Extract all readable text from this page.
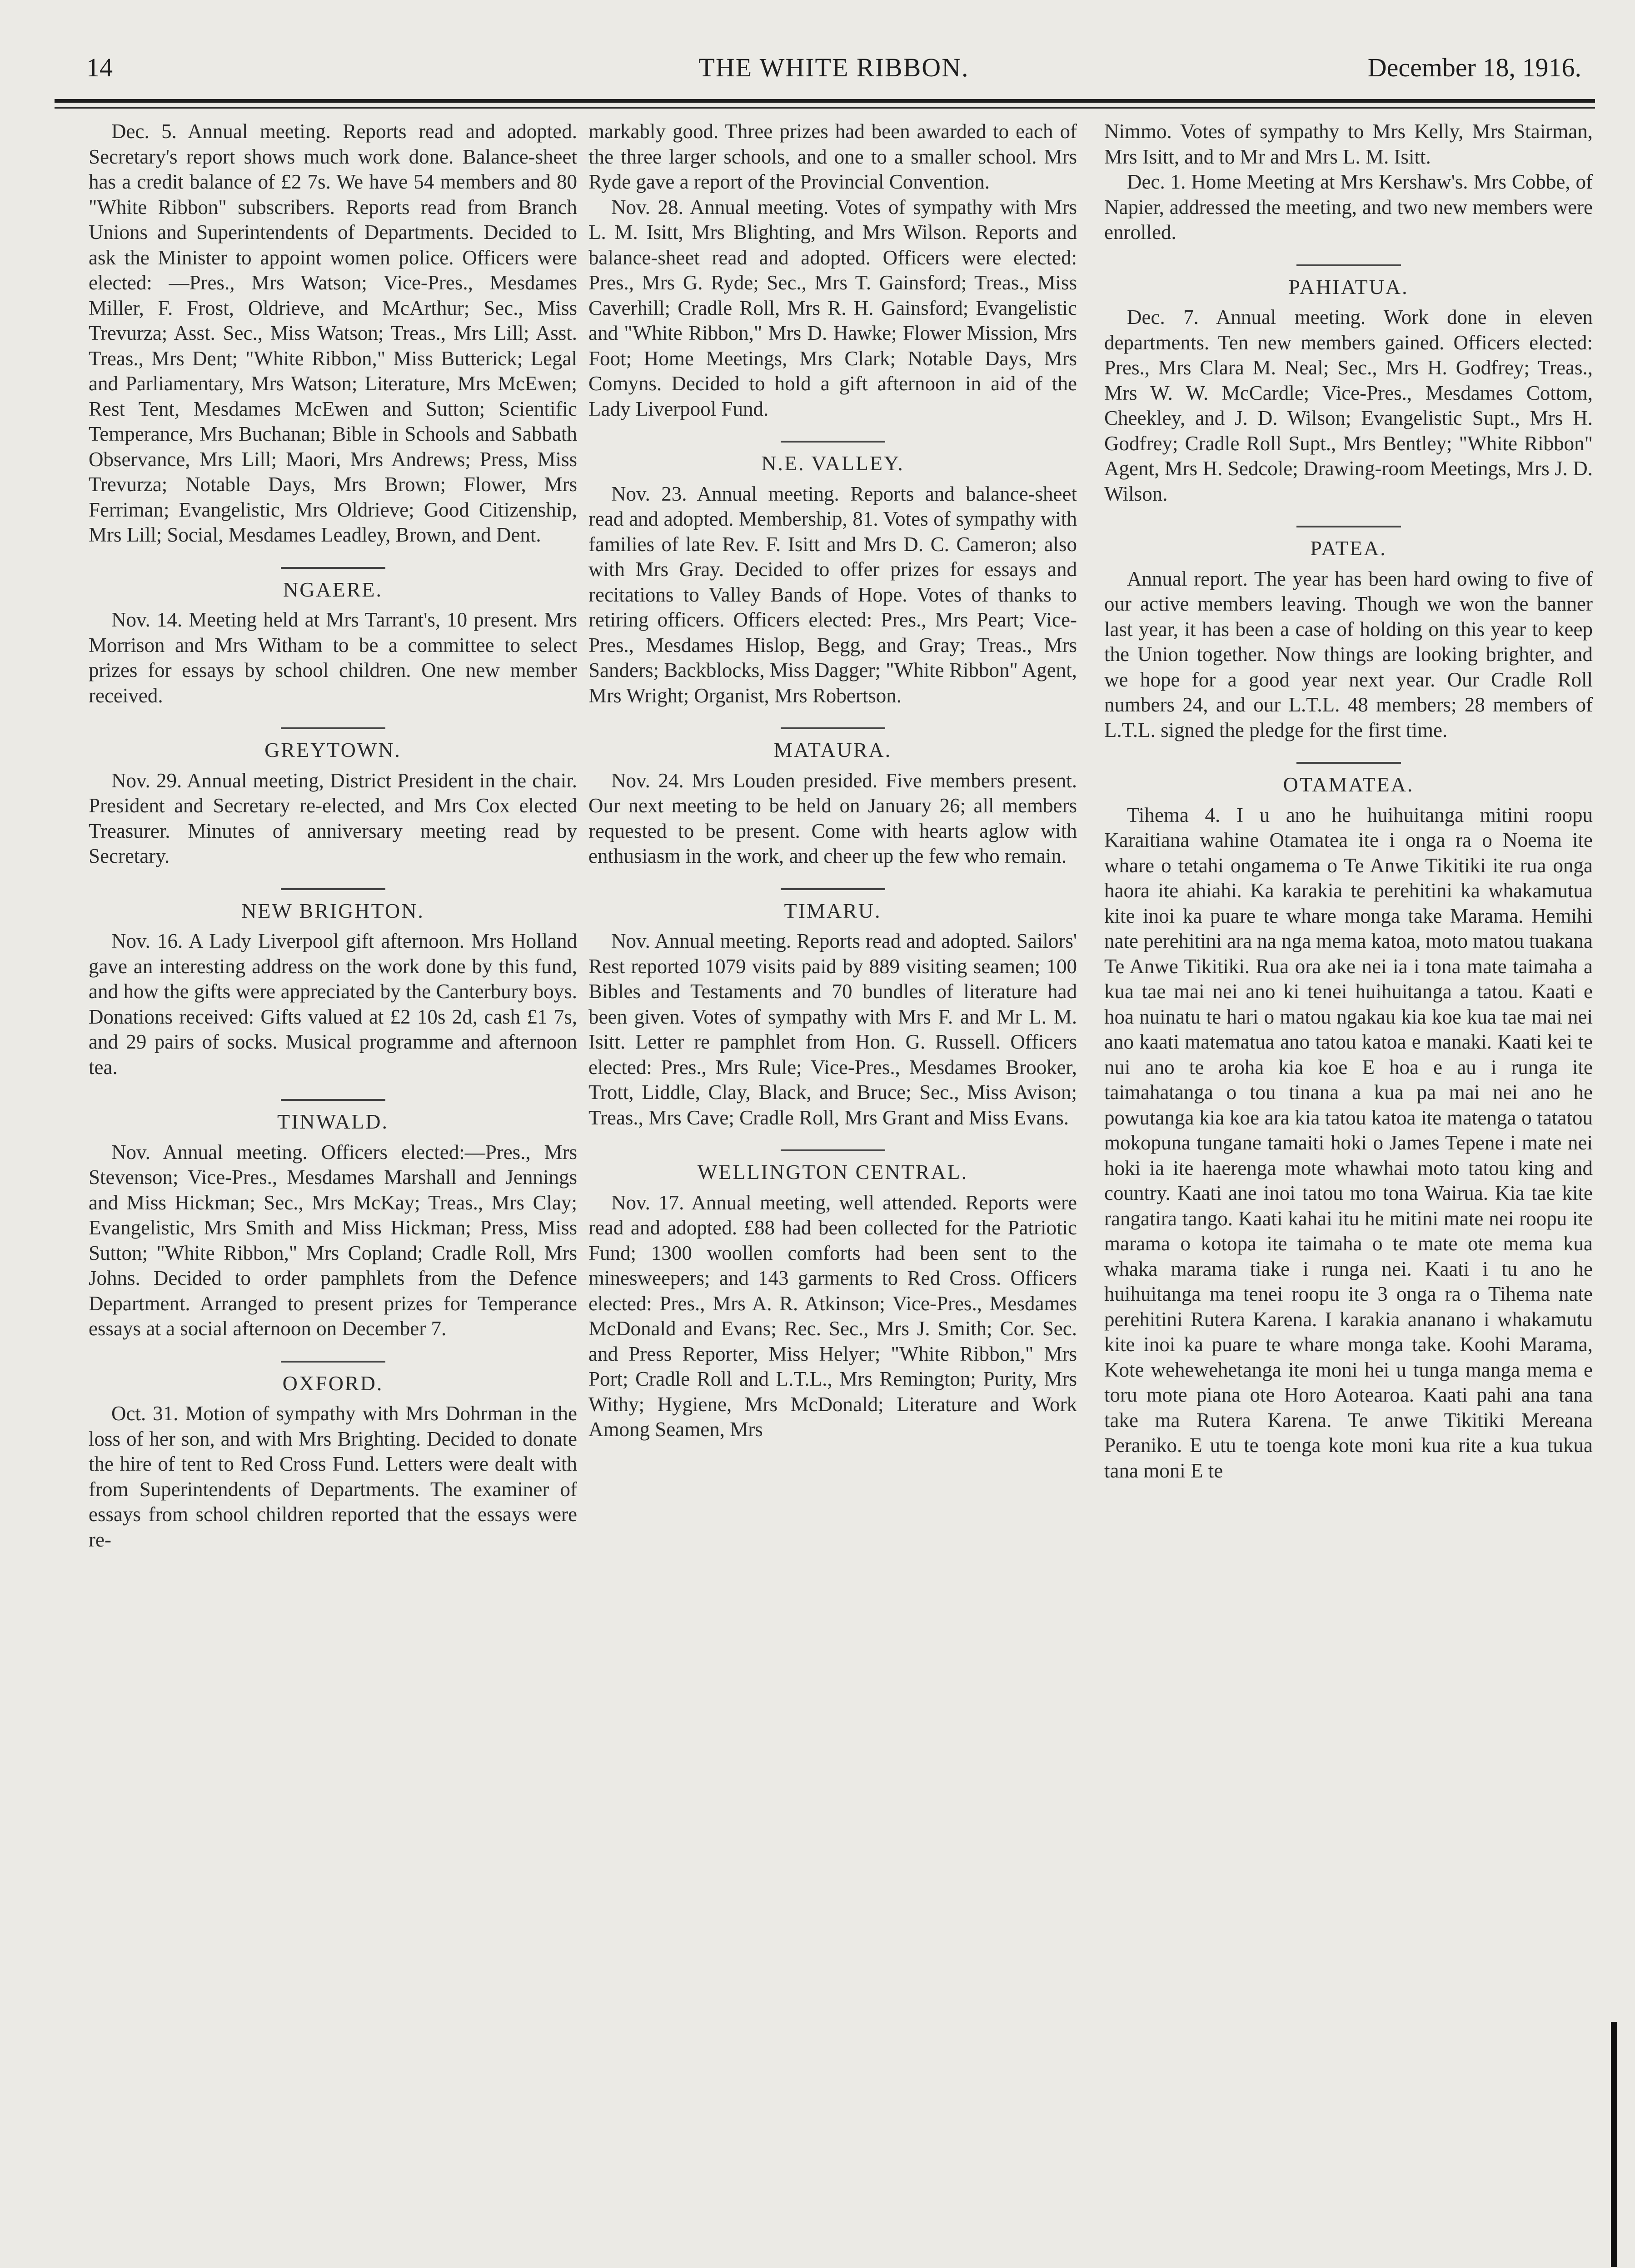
14	THE WHITE RIBBON.	December 18, 1916.

Dec. 5. Annual meeting. Reports read and adopted. Secretary's report shows much work done. Balance-sheet has a credit balance of £2 7s. We have 54 members and 80 "White Ribbon" subscribers. Reports read from Branch Unions and Superintendents of Departments. Decided to ask the Minister to appoint women police. Officers were elected: —Pres., Mrs Watson; Vice-Pres., Mesdames Miller, F. Frost, Oldrieve, and McArthur; Sec., Miss Trevurza; Asst. Sec., Miss Watson; Treas., Mrs Lill; Asst. Treas., Mrs Dent; "White Ribbon," Miss Butterick; Legal and Parliamentary, Mrs Watson; Literature, Mrs McEwen; Rest Tent, Mesdames McEwen and Sutton; Scientific Temperance, Mrs Buchanan; Bible in Schools and Sabbath Observance, Mrs Lill; Maori, Mrs Andrews; Press, Miss Trevurza; Notable Days, Mrs Brown; Flower, Mrs Ferriman; Evangelistic, Mrs Oldrieve; Good Citizenship, Mrs Lill; Social, Mesdames Leadley, Brown, and Dent.

NGAERE.

Nov. 14. Meeting held at Mrs Tarrant's, 10 present. Mrs Morrison and Mrs Witham to be a committee to select prizes for essays by school children. One new member received.

GREYTOWN.

Nov. 29. Annual meeting, District President in the chair. President and Secretary re-elected, and Mrs Cox elected Treasurer. Minutes of anniversary meeting read by Secretary.

NEW BRIGHTON.

Nov. 16. A Lady Liverpool gift afternoon. Mrs Holland gave an interesting address on the work done by this fund, and how the gifts were appreciated by the Canterbury boys. Donations received: Gifts valued at £2 10s 2d, cash £1 7s, and 29 pairs of socks. Musical programme and afternoon tea.

TINWALD.

Nov. Annual meeting. Officers elected:—Pres., Mrs Stevenson; Vice-Pres., Mesdames Marshall and Jennings and Miss Hickman; Sec., Mrs McKay; Treas., Mrs Clay; Evangelistic, Mrs Smith and Miss Hickman; Press, Miss Sutton; "White Ribbon," Mrs Copland; Cradle Roll, Mrs Johns. Decided to order pamphlets from the Defence Department. Arranged to present prizes for Temperance essays at a social afternoon on December 7.

OXFORD.

Oct. 31. Motion of sympathy with Mrs Dohrman in the loss of her son, and with Mrs Brighting. Decided to donate the hire of tent to Red Cross Fund. Letters were dealt with from Superintendents of Departments. The examiner of essays from school children reported that the essays were re-

markably good. Three prizes had been awarded to each of the three larger schools, and one to a smaller school. Mrs Ryde gave a report of the Provincial Convention.

Nov. 28. Annual meeting. Votes of sympathy with Mrs L. M. Isitt, Mrs Blighting, and Mrs Wilson. Reports and balance-sheet read and adopted. Officers were elected: Pres., Mrs G. Ryde; Sec., Mrs T. Gainsford; Treas., Miss Caverhill; Cradle Roll, Mrs R. H. Gainsford; Evangelistic and "White Ribbon," Mrs D. Hawke; Flower Mission, Mrs Foot; Home Meetings, Mrs Clark; Notable Days, Mrs Comyns. Decided to hold a gift afternoon in aid of the Lady Liverpool Fund.

N.E. VALLEY.

Nov. 23. Annual meeting. Reports and balance-sheet read and adopted. Membership, 81. Votes of sympathy with families of late Rev. F. Isitt and Mrs D. C. Cameron; also with Mrs Gray. Decided to offer prizes for essays and recitations to Valley Bands of Hope. Votes of thanks to retiring officers. Officers elected: Pres., Mrs Peart; Vice-Pres., Mesdames Hislop, Begg, and Gray; Treas., Mrs Sanders; Backblocks, Miss Dagger; "White Ribbon" Agent, Mrs Wright; Organist, Mrs Robertson.

MATAURA.

Nov. 24. Mrs Louden presided. Five members present. Our next meeting to be held on January 26; all members requested to be present. Come with hearts aglow with enthusiasm in the work, and cheer up the few who remain.

TIMARU.

Nov. Annual meeting. Reports read and adopted. Sailors' Rest reported 1079 visits paid by 889 visiting seamen; 100 Bibles and Testaments and 70 bundles of literature had been given. Votes of sympathy with Mrs F. and Mr L. M. Isitt. Letter re pamphlet from Hon. G. Russell. Officers elected: Pres., Mrs Rule; Vice-Pres., Mesdames Brooker, Trott, Liddle, Clay, Black, and Bruce; Sec., Miss Avison; Treas., Mrs Cave; Cradle Roll, Mrs Grant and Miss Evans.

WELLINGTON CENTRAL.

Nov. 17. Annual meeting, well attended. Reports were read and adopted. £88 had been collected for the Patriotic Fund; 1300 woollen comforts had been sent to the minesweepers; and 143 garments to Red Cross. Officers elected: Pres., Mrs A. R. Atkinson; Vice-Pres., Mesdames McDonald and Evans; Rec. Sec., Mrs J. Smith; Cor. Sec. and Press Reporter, Miss Helyer; "White Ribbon," Mrs Port; Cradle Roll and L.T.L., Mrs Remington; Purity, Mrs Withy; Hygiene, Mrs McDonald; Literature and Work Among Seamen, Mrs

Nimmo. Votes of sympathy to Mrs Kelly, Mrs Stairman, Mrs Isitt, and to Mr and Mrs L. M. Isitt.

Dec. 1. Home Meeting at Mrs Kershaw's. Mrs Cobbe, of Napier, addressed the meeting, and two new members were enrolled.

PAHIATUA.

Dec. 7. Annual meeting. Work done in eleven departments. Ten new members gained. Officers elected: Pres., Mrs Clara M. Neal; Sec., Mrs H. Godfrey; Treas., Mrs W. W. McCardle; Vice-Pres., Mesdames Cottom, Cheekley, and J. D. Wilson; Evangelistic Supt., Mrs H. Godfrey; Cradle Roll Supt., Mrs Bentley; "White Ribbon" Agent, Mrs H. Sedcole; Drawing-room Meetings, Mrs J. D. Wilson.

PATEA.

Annual report. The year has been hard owing to five of our active members leaving. Though we won the banner last year, it has been a case of holding on this year to keep the Union together. Now things are looking brighter, and we hope for a good year next year. Our Cradle Roll numbers 24, and our L.T.L. 48 members; 28 members of L.T.L. signed the pledge for the first time.

OTAMATEA.

Tihema 4. I u ano he huihuitanga mitini roopu Karaitiana wahine Otamatea ite i onga ra o Noema ite whare o tetahi ongamema o Te Anwe Tikitiki ite rua onga haora ite ahiahi. Ka karakia te perehitini ka whakamutua kite inoi ka puare te whare monga take Marama. Hemihi nate perehitini ara na nga mema katoa, moto matou tuakana Te Anwe Tikitiki. Rua ora ake nei ia i tona mate taimaha a kua tae mai nei ano ki tenei huihuitanga a tatou. Kaati e hoa nuinatu te hari o matou ngakau kia koe kua tae mai nei ano kaati matematua ano tatou katoa e manaki. Kaati kei te nui ano te aroha kia koe E hoa e au i runga ite taimahatanga o tou tinana a kua pa mai nei ano he powutanga kia koe ara kia tatou katoa ite matenga o tatatou mokopuna tungane tamaiti hoki o James Tepene i mate nei hoki ia ite haerenga mote whawhai moto tatou king and country. Kaati ane inoi tatou mo tona Wairua. Kia tae kite rangatira tango. Kaati kahai itu he mitini mate nei roopu ite marama o kotopa ite taimaha o te mate ote mema kua whaka marama tiake i runga nei. Kaati i tu ano he huihuitanga ma tenei roopu ite 3 onga ra o Tihema nate perehitini Rutera Karena. I karakia ananano i whakamutu kite inoi ka puare te whare monga take. Koohi Marama, Kote wehewehetanga ite moni hei u tunga manga mema e toru mote piana ote Horo Aotearoa. Kaati pahi ana tana take ma Rutera Karena. Te anwe Tikitiki Mereana Peraniko. E utu te toenga kote moni kua rite a kua tukua tana moni E te
